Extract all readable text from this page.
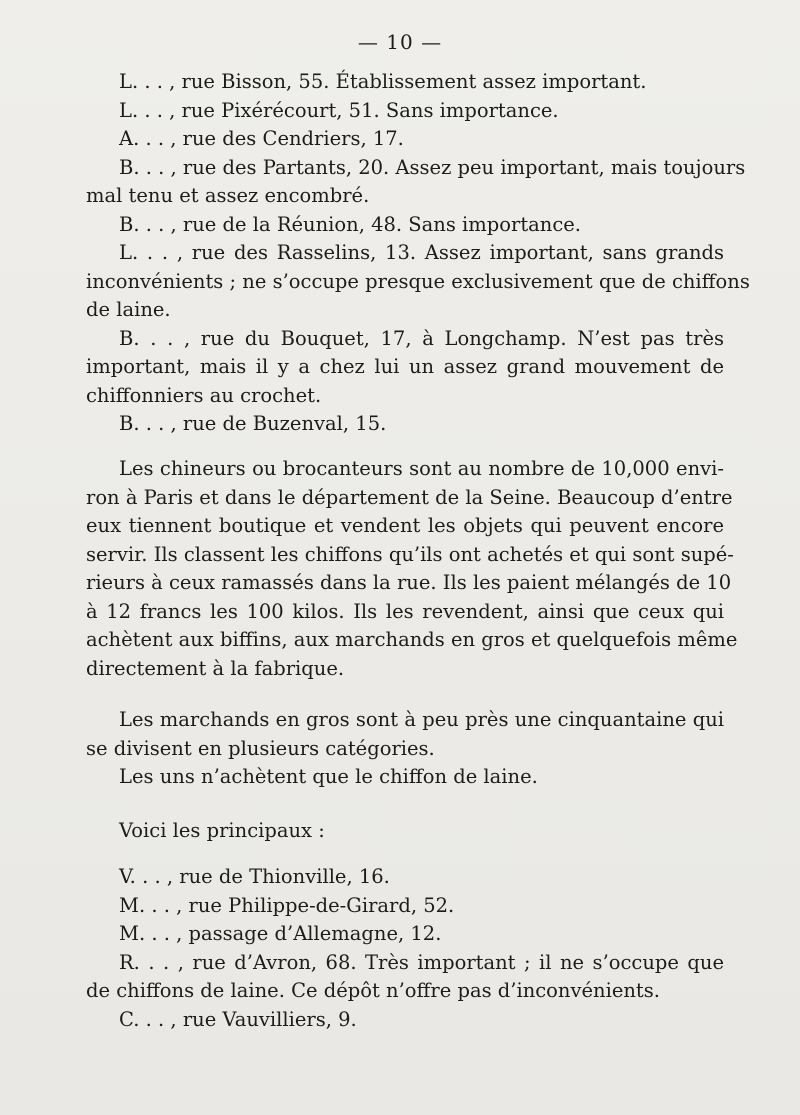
— 10 —
L. . . , rue Bisson, 55. Établissement assez important.
L. . . , rue Pixérécourt, 51. Sans importance.
A. . . , rue des Cendriers, 17.
B. . . , rue des Partants, 20. Assez peu important, mais toujours
mal tenu et assez encombré.
B. . . , rue de la Réunion, 48. Sans importance.
L. . . , rue des Rasselins, 13. Assez important, sans grands
inconvénients ; ne s’occupe presque exclusivement que de chiffons
de laine.
B. . . , rue du Bouquet, 17, à Longchamp. N’est pas très
important, mais il y a chez lui un assez grand mouvement de
chiffonniers au crochet.
B. . . , rue de Buzenval, 15.
Les chineurs ou brocanteurs sont au nombre de 10,000 envi-
ron à Paris et dans le département de la Seine. Beaucoup d’entre
eux tiennent boutique et vendent les objets qui peuvent encore
servir. Ils classent les chiffons qu’ils ont achetés et qui sont supé-
rieurs à ceux ramassés dans la rue. Ils les paient mélangés de 10
à 12 francs les 100 kilos. Ils les revendent, ainsi que ceux qui
achètent aux biffins, aux marchands en gros et quelquefois même
directement à la fabrique.
Les marchands en gros sont à peu près une cinquantaine qui
se divisent en plusieurs catégories.
Les uns n’achètent que le chiffon de laine.
Voici les principaux :
V. . . , rue de Thionville, 16.
M. . . , rue Philippe-de-Girard, 52.
M. . . , passage d’Allemagne, 12.
R. . . , rue d’Avron, 68. Très important ; il ne s’occupe que
de chiffons de laine. Ce dépôt n’offre pas d’inconvénients.
C. . . , rue Vauvilliers, 9.
